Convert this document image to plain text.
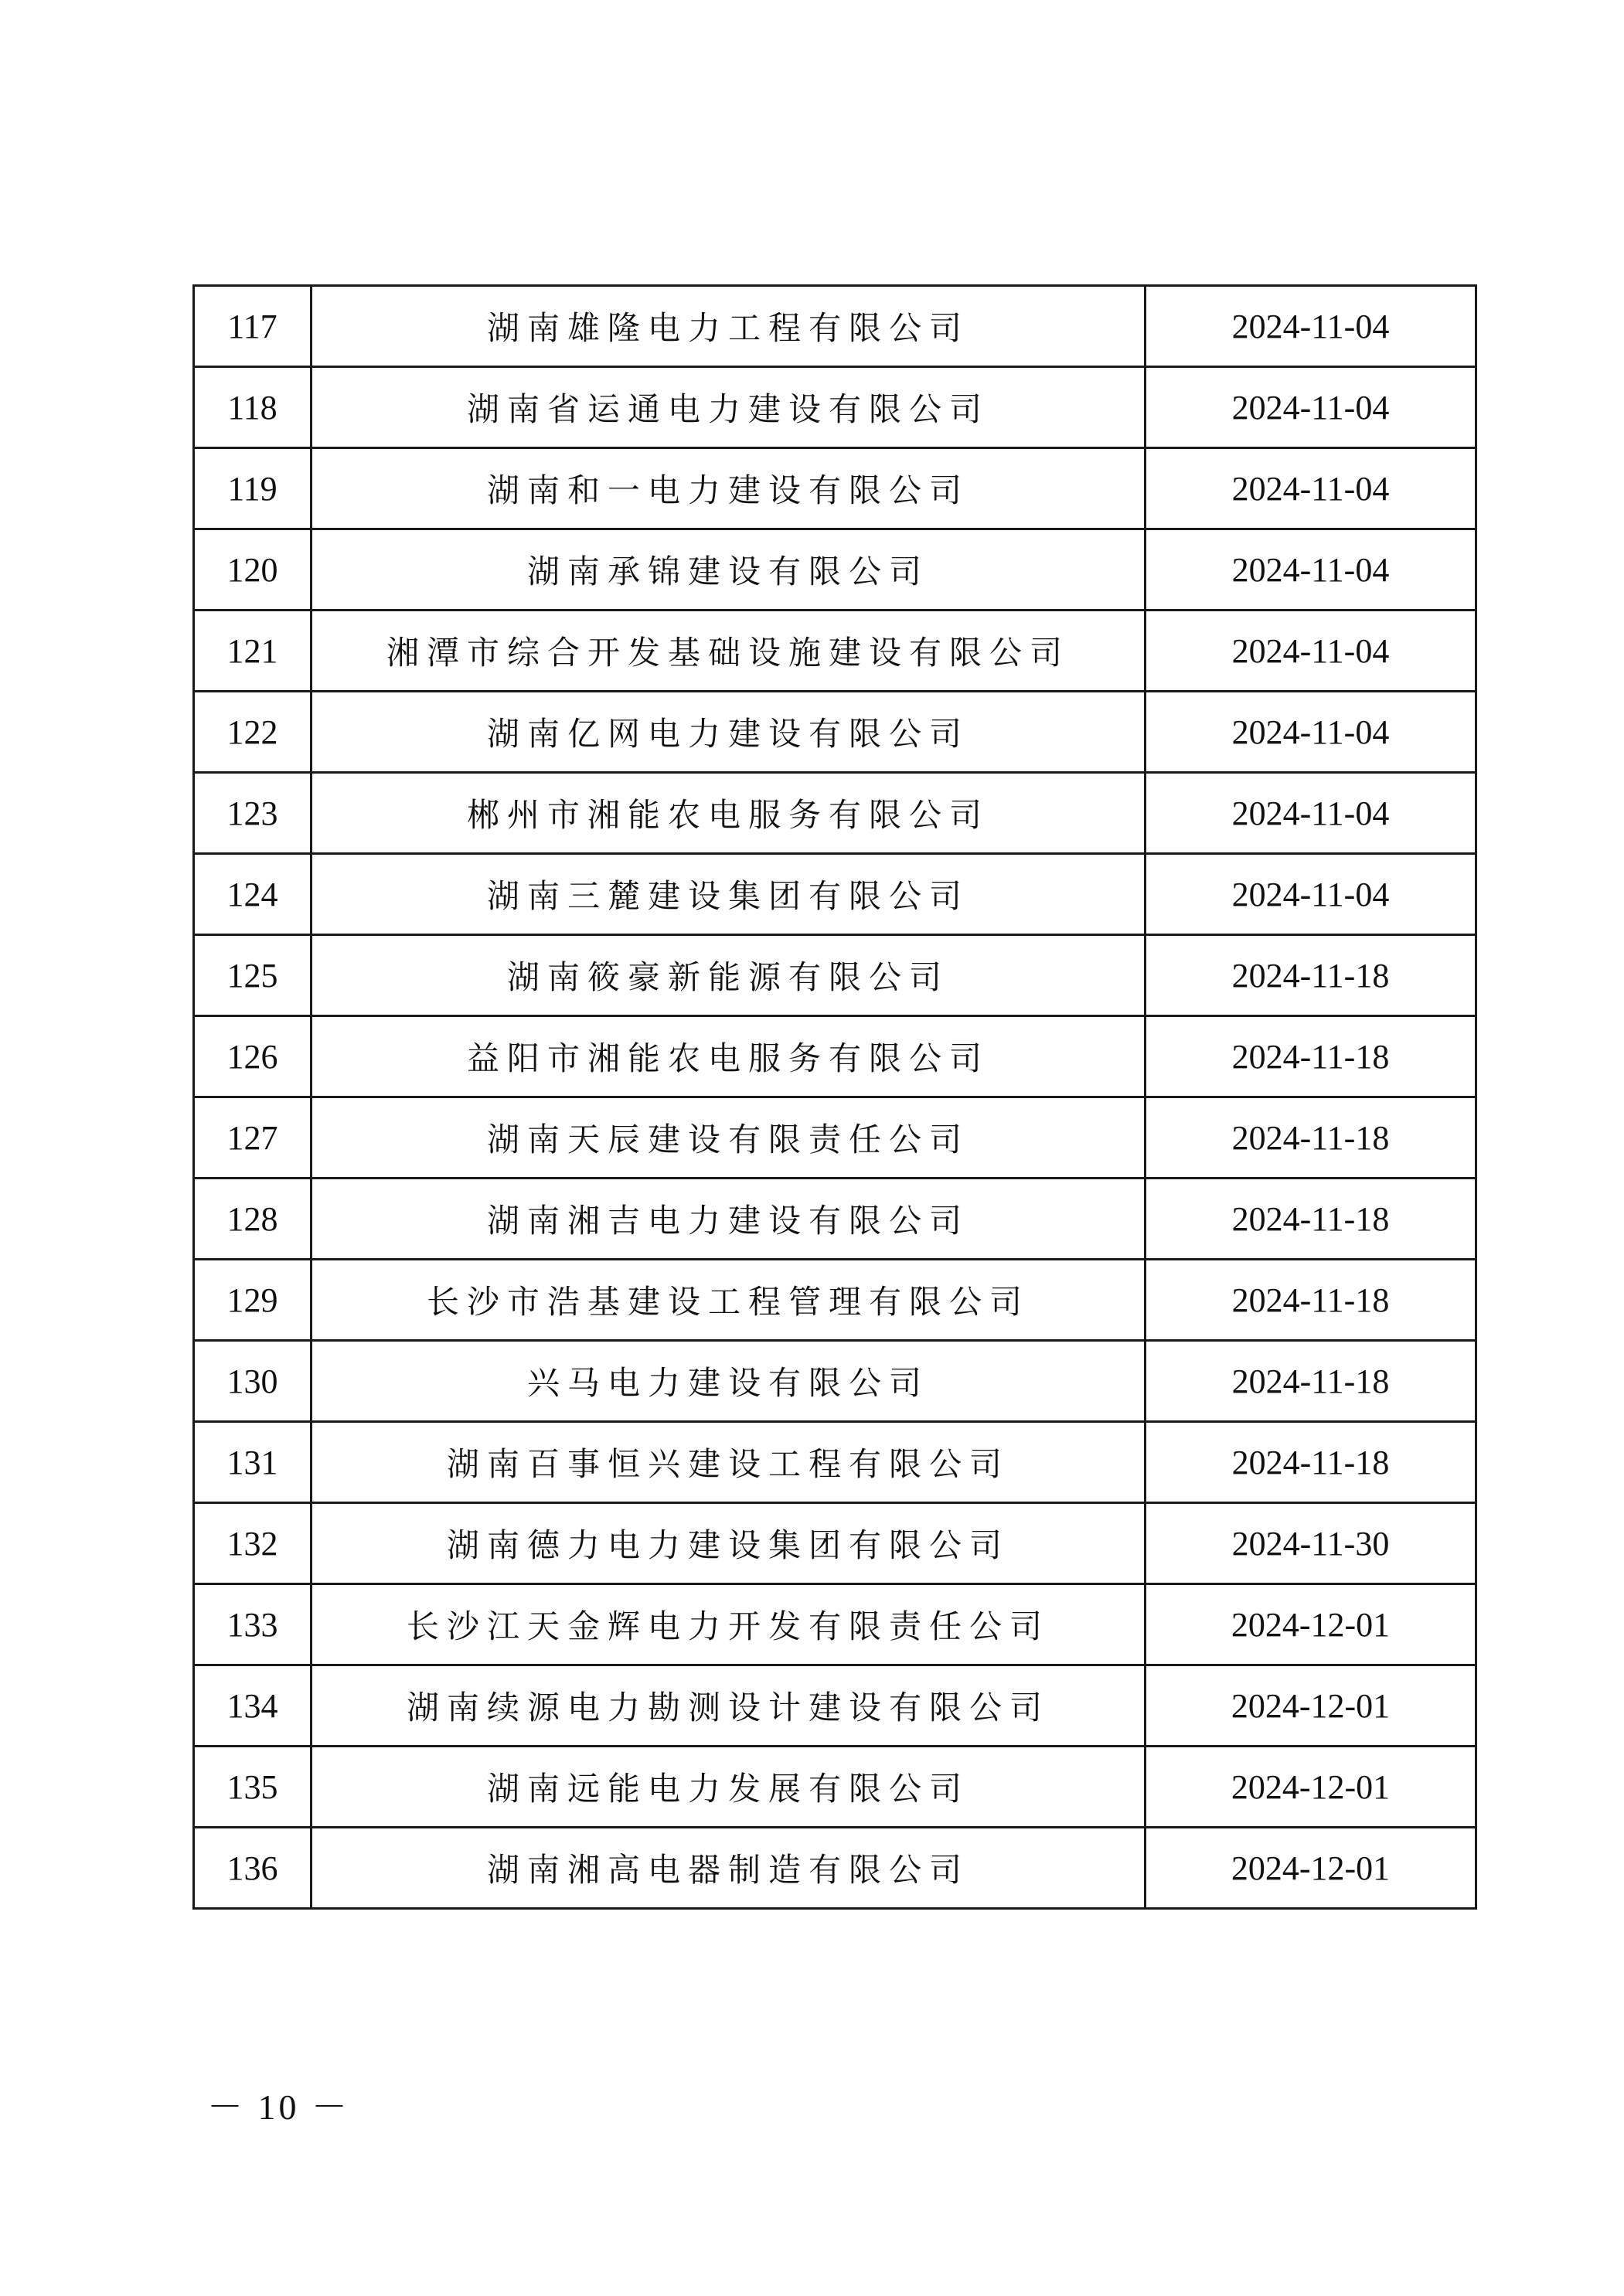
117	湖南雄隆电力工程有限公司	2024-11-04
118	湖南省运通电力建设有限公司	2024-11-04
119	湖南和一电力建设有限公司	2024-11-04
120	湖南承锦建设有限公司	2024-11-04
121	湘潭市综合开发基础设施建设有限公司	2024-11-04
122	湖南亿网电力建设有限公司	2024-11-04
123	郴州市湘能农电服务有限公司	2024-11-04
124	湖南三麓建设集团有限公司	2024-11-04
125	湖南筱豪新能源有限公司	2024-11-18
126	益阳市湘能农电服务有限公司	2024-11-18
127	湖南天辰建设有限责任公司	2024-11-18
128	湖南湘吉电力建设有限公司	2024-11-18
129	长沙市浩基建设工程管理有限公司	2024-11-18
130	兴马电力建设有限公司	2024-11-18
131	湖南百事恒兴建设工程有限公司	2024-11-18
132	湖南德力电力建设集团有限公司	2024-11-30
133	长沙江天金辉电力开发有限责任公司	2024-12-01
134	湖南续源电力勘测设计建设有限公司	2024-12-01
135	湖南远能电力发展有限公司	2024-12-01
136	湖南湘高电器制造有限公司	2024-12-01
－ 10 －
